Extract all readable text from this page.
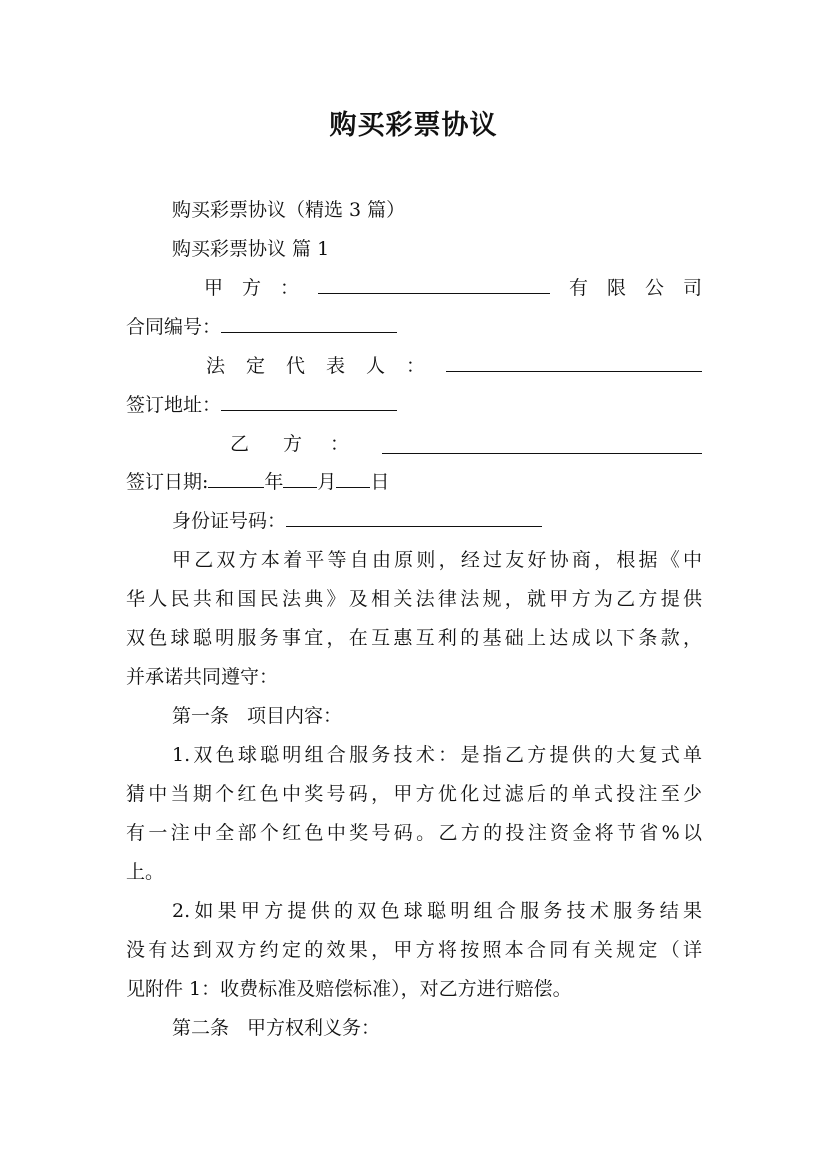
购买彩票协议
购买彩票协议（精选 3 篇）
购买彩票协议 篇 1
甲 方 ：	有 限 公 司
合同编号：
法 定 代 表 人 ：
签订地址：
乙 方 ：
签订日期:	年 月 日
身份证号码：
甲乙双方本着平等自由原则，经过友好协商，根据《中
华人民共和国民法典》及相关法律法规，就甲方为乙方提供
双色球聪明服务事宜，在互惠互利的基础上达成以下条款，
并承诺共同遵守：
第一条 项目内容：
1.双色球聪明组合服务技术：是指乙方提供的大复式单
猜中当期个红色中奖号码，甲方优化过滤后的单式投注至少
有一注中全部个红色中奖号码。乙方的投注资金将节省%以
上。
2.如果甲方提供的双色球聪明组合服务技术服务结果
没有达到双方约定的效果，甲方将按照本合同有关规定（详
见附件 1：收费标准及赔偿标准），对乙方进行赔偿。
第二条 甲方权利义务：
